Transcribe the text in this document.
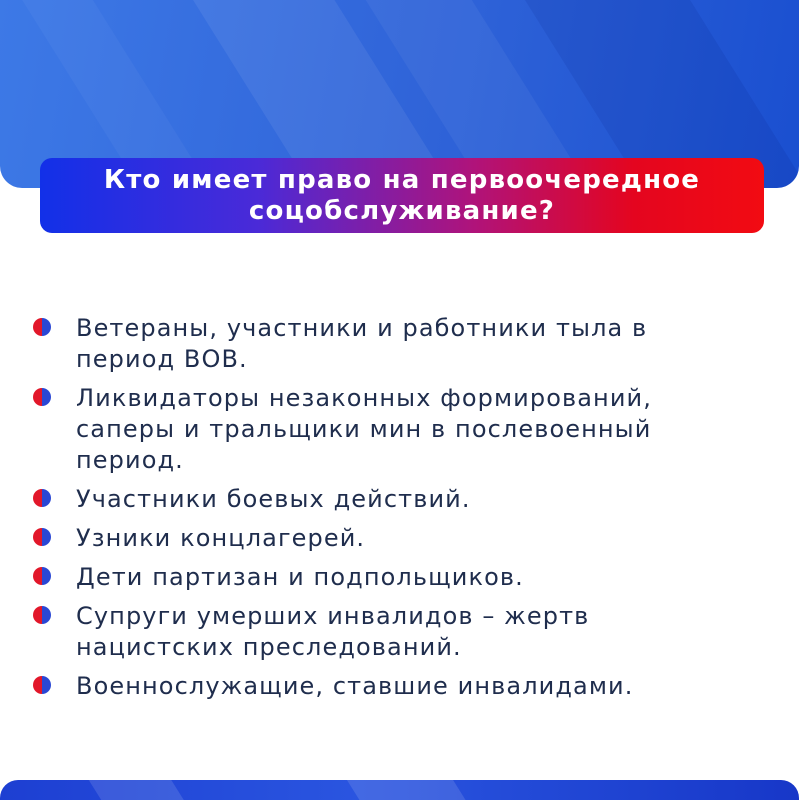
Кто имеет право на первоочередное
соцобслуживание?
Ветераны, участники и работники тыла в
период ВОВ.
Ликвидаторы незаконных формирований,
саперы и тральщики мин в послевоенный
период.
Участники боевых действий.
Узники концлагерей.
Дети партизан и подпольщиков.
Супруги умерших инвалидов – жертв
нацистских преследований.
Военнослужащие, ставшие инвалидами.
